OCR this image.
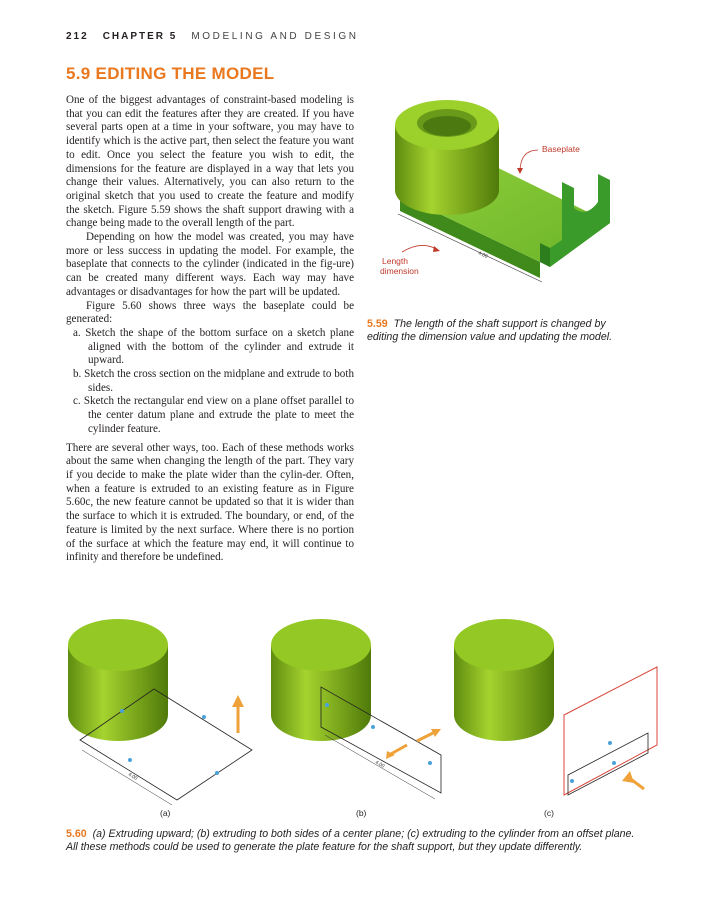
212 CHAPTER 5 MODELING AND DESIGN
5.9 EDITING THE MODEL

One of the biggest advantages of constraint-based modeling is that you can edit the features after they are created. If you have several parts open at a time in your software, you may have to identify which is the active part, then select the feature you want to edit. Once you select the feature you wish to edit, the dimensions for the feature are displayed in a way that lets you change their values. Alternatively, you can also return to the original sketch that you used to create the feature and modify the sketch. Figure 5.59 shows the shaft support drawing with a change being made to the overall length of the part.

Depending on how the model was created, you may have more or less success in updating the model. For example, the baseplate that connects to the cylinder (indicated in the fig-ure) can be created many different ways. Each way may have advantages or disadvantages for how the part will be updated.

Figure 5.60 shows three ways the baseplate could be generated:

a. Sketch the shape of the bottom surface on a sketch plane aligned with the bottom of the cylinder and extrude it upward.
b. Sketch the cross section on the midplane and extrude to both sides.
c. Sketch the rectangular end view on a plane offset parallel to the center datum plane and extrude the plate to meet the cylinder feature.

There are several other ways, too. Each of these methods works about the same when changing the length of the part. They vary if you decide to make the plate wider than the cylin-der. Often, when a feature is extruded to an existing feature as in Figure 5.60c, the new feature cannot be updated so that it is wider than the surface to which it is extruded. The boundary, or end, of the feature is limited by the next surface. Where there is no portion of the surface at which the feature may end, it will continue to infinity and therefore be undefined.

4.00
Baseplate
Length
dimension
5.59 The length of the shaft support is changed by editing the dimension value and updating the model.
4.00
4.00
(a)	(b)	(c)
5.60 (a) Extruding upward; (b) extruding to both sides of a center plane; (c) extruding to the cylinder from an offset plane. All these methods could be used to generate the plate feature for the shaft support, but they update differently.
